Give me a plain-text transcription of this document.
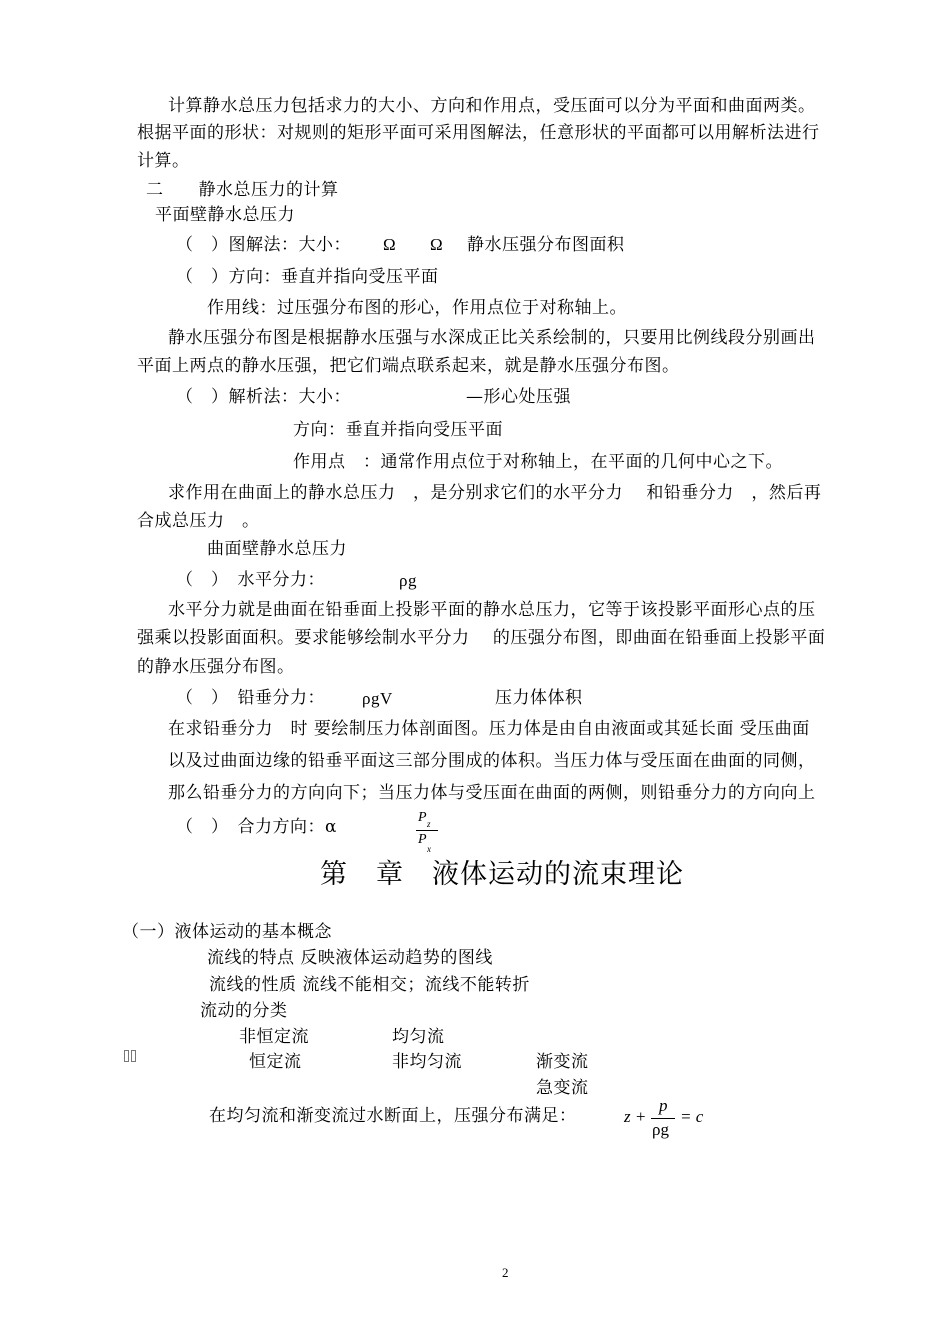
计算静水总压力包括求力的大小、方向和作用点，受压面可以分为平面和曲面两类。
根据平面的形状：对规则的矩形平面可采用图解法，任意形状的平面都可以用解析法进行
计算。
二　　静水总压力的计算
平面壁静水总压力
（　）图解法：大小： Ω Ω 静水压强分布图面积
（　）方向：垂直并指向受压平面
作用线：过压强分布图的形心，作用点位于对称轴上。
静水压强分布图是根据静水压强与水深成正比关系绘制的，只要用比例线段分别画出
平面上两点的静水压强，把它们端点联系起来，就是静水压强分布图。
（　）解析法：大小：	—形心处压强
方向：垂直并指向受压平面
作用点　：通常作用点位于对称轴上，在平面的几何中心之下。
求作用在曲面上的静水总压力　，是分别求它们的水平分力　 和铅垂分力　，然后再
合成总压力　。
曲面壁静水总压力
（　）　水平分力：	ρg
水平分力就是曲面在铅垂面上投影平面的静水总压力，它等于该投影平面形心点的压
强乘以投影面面积。要求能够绘制水平分力　 的压强分布图，即曲面在铅垂面上投影平面
的静水压强分布图。
（　）　铅垂分力： ρgV	压力体体积
在求铅垂分力　时 要绘制压力体剖面图。压力体是由自由液面或其延长面 受压曲面
以及过曲面边缘的铅垂平面这三部分围成的体积。当压力体与受压面在曲面的同侧，
那么铅垂分力的方向向下；当压力体与受压面在曲面的两侧，则铅垂分力的方向向上
（　）　合力方向：α	P z
P
x
第　章　液体运动的流束理论
（一）液体运动的基本概念
流线的特点 反映液体运动趋势的图线
流线的性质 流线不能相交；流线不能转折
流动的分类
非恒定流	均匀流
恒定流	非均匀流	渐变流
急变流
在均匀流和渐变流过水断面上，压强分布满足：	z +
p
ρg
= c
2
